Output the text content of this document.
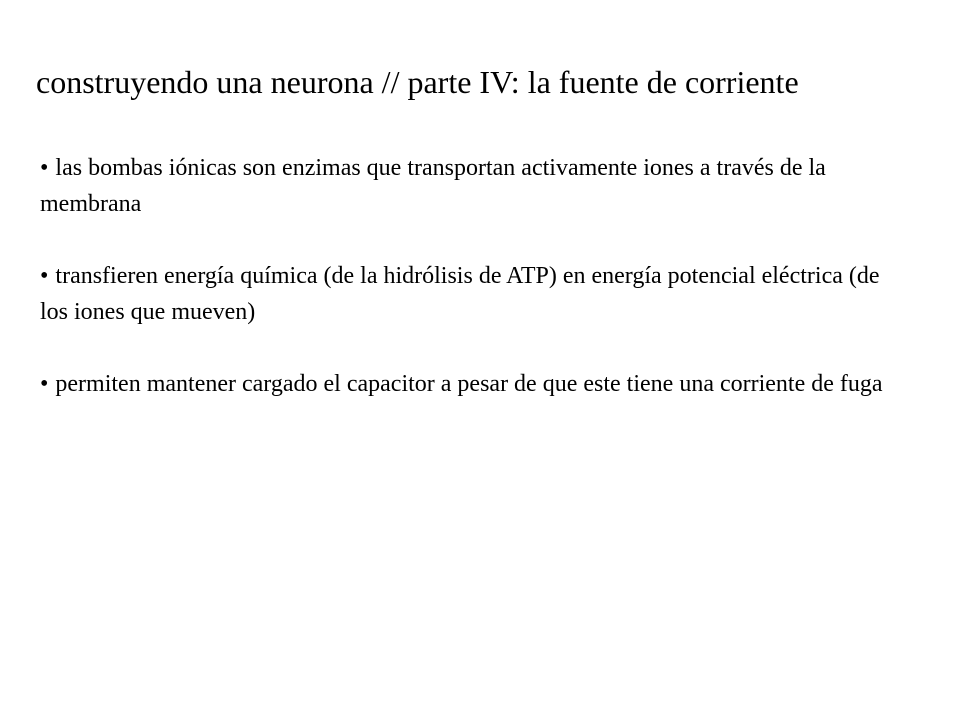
construyendo una neurona // parte IV: la fuente de corriente
• las bombas iónicas son enzimas que transportan activamente iones a través de la membrana
• transfieren energía química (de la hidrólisis de ATP) en energía potencial eléctrica (de los iones que mueven)
• permiten mantener cargado el capacitor a pesar de que este tiene una corriente de fuga
